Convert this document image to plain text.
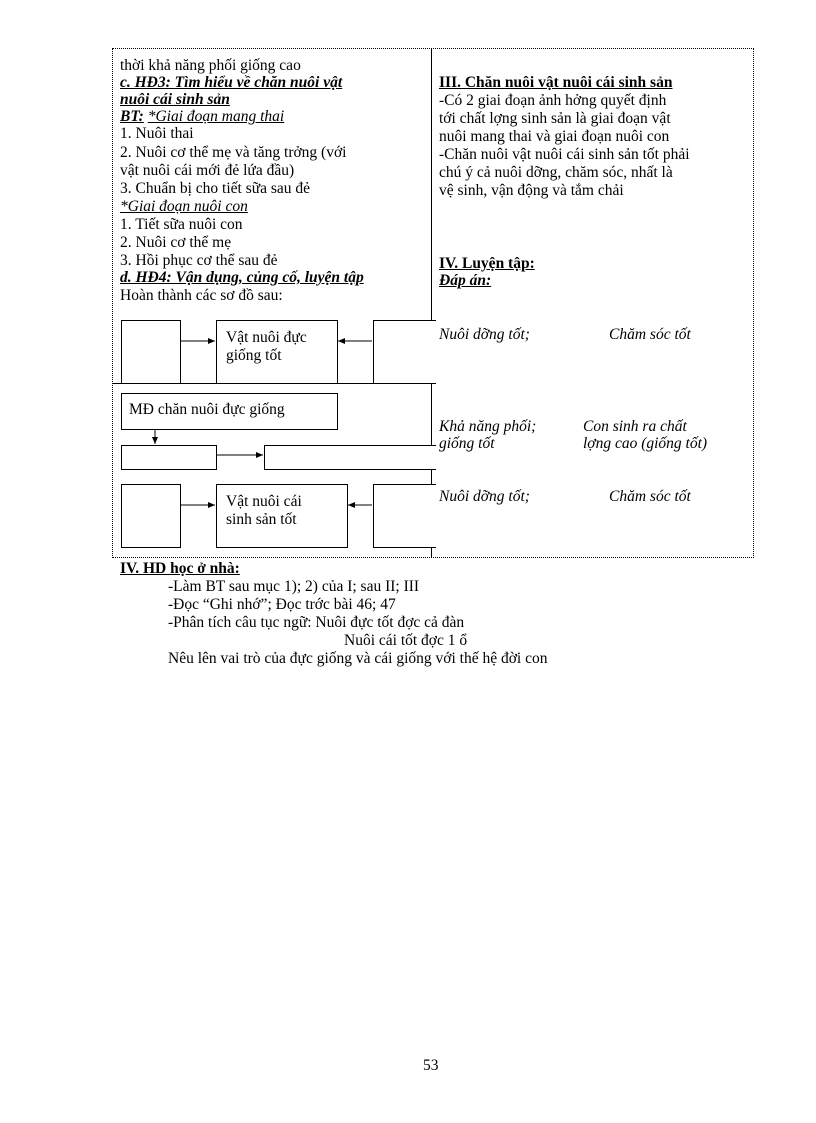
thời khả năng phối giống cao
c. HĐ3: Tìm hiểu về chăn nuôi vật
nuôi cái sinh sản
BT: *Giai đoạn mang thai
1. Nuôi thai
2. Nuôi cơ thể mẹ và tăng trởng (với
vật nuôi cái mới đẻ lứa đầu)
3. Chuẩn bị cho tiết sữa sau đẻ
*Giai đoạn nuôi con
1. Tiết sữa nuôi con
2. Nuôi cơ thể mẹ
3. Hồi phục cơ thể sau đẻ
d. HĐ4: Vận dụng, củng cố, luyện tập
Hoàn thành các sơ đồ sau:
Vật nuôi đực
giống tốt
MĐ chăn nuôi đực giống
Vật nuôi cái
sinh sản tốt
III. Chăn nuôi vật nuôi cái sinh sản
-Có 2 giai đoạn ảnh hởng quyết định
tới chất lợng sinh sản là giai đoạn vật
nuôi mang thai và giai đoạn nuôi con
-Chăn nuôi vật nuôi cái sinh sản tốt phải
chú ý cả nuôi dỡng, chăm sóc, nhất là
vệ sinh, vận động và tắm chải
IV. Luyện tập:
Đáp án:
Nuôi dỡng tốt;	Chăm sóc tốt
Khả năng phối;
giống tốt
Con sinh ra chất
lợng cao (giống tốt)
Nuôi dỡng tốt;	Chăm sóc tốt
IV. HD học ở nhà:
-Làm BT sau mục 1); 2) của I; sau II; III
-Đọc “Ghi nhớ”; Đọc trớc bài 46; 47
-Phân tích câu tục ngữ: Nuôi đực tốt đợc cả đàn
Nuôi cái tốt đợc 1 ổ
Nêu lên vai trò của đực giống và cái giống với thế hệ đời con
53
